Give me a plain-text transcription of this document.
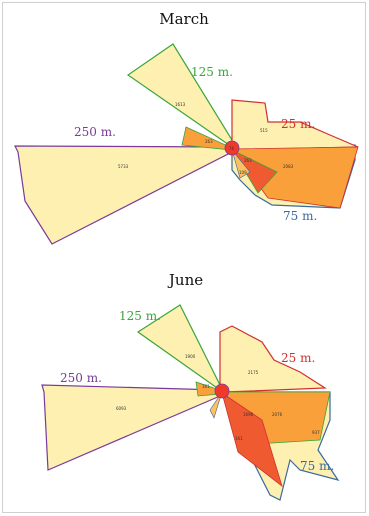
March
125 m.
25 m.
250 m.
75 m.
1613
515
263
76
5733
263
2083
109
June
125 m.
25 m.
250 m.
75 m.
1900
2175
161
6093
1696	2076
161
937
